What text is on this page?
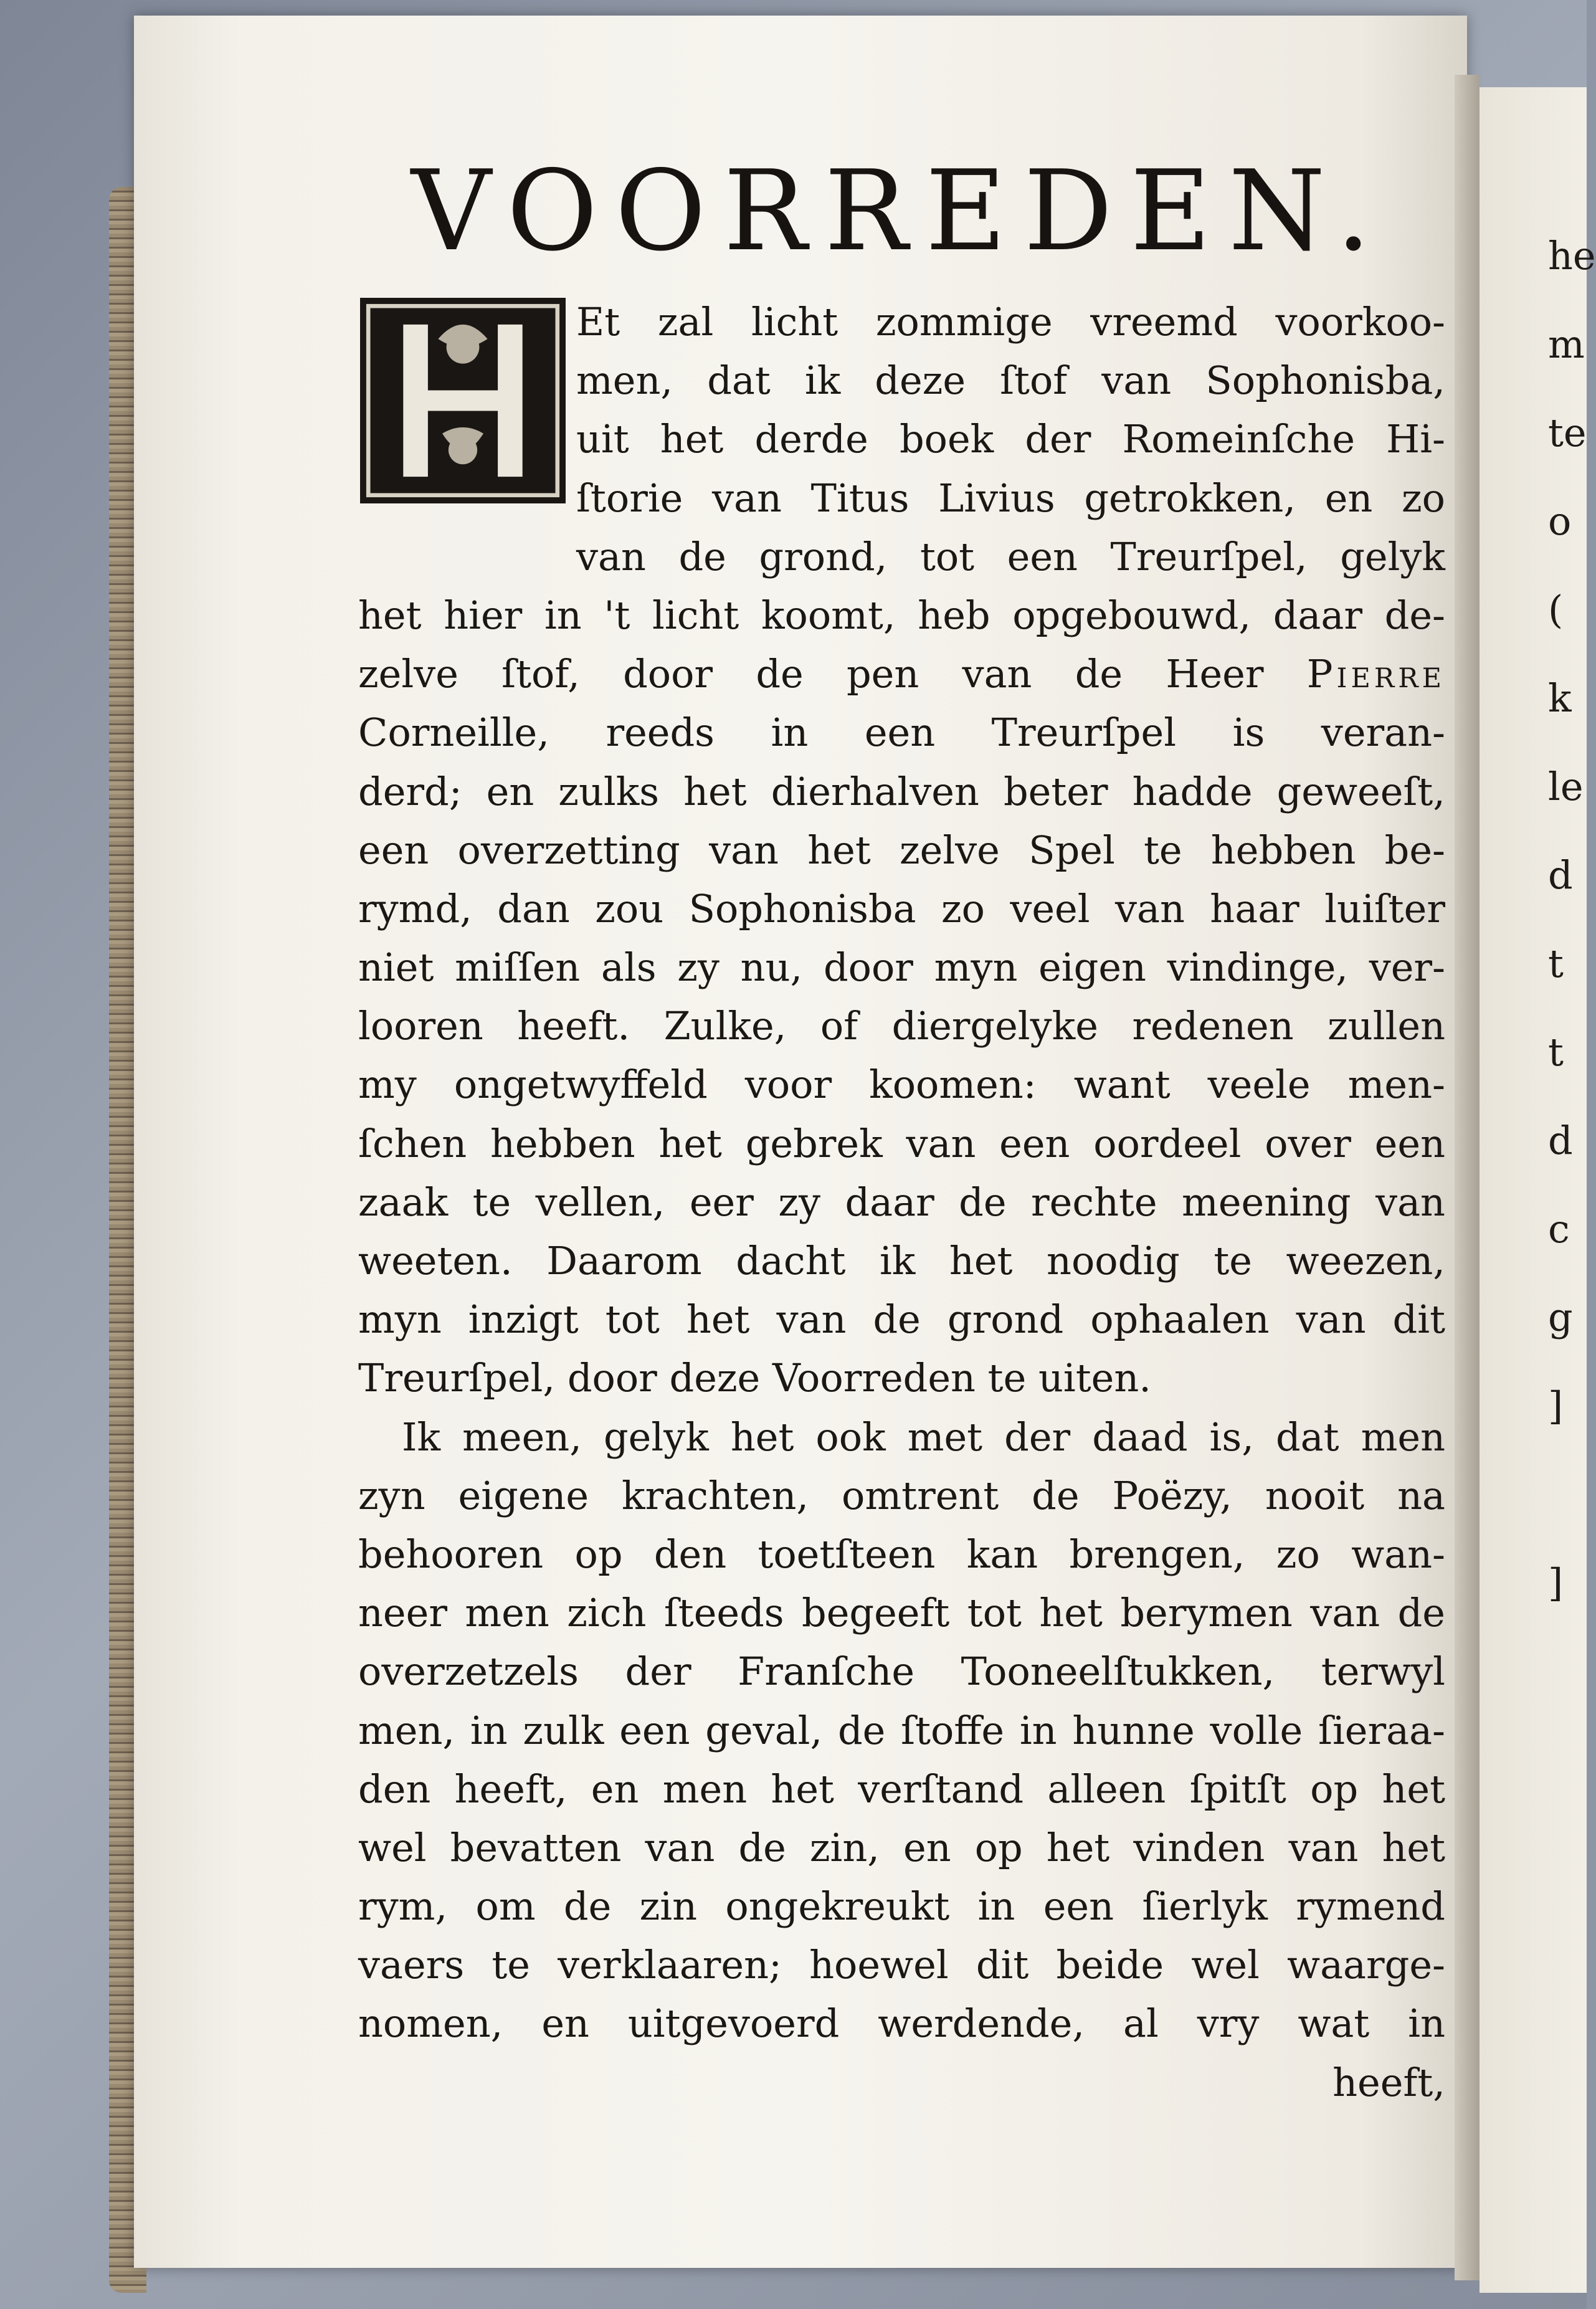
he
m
te
o
(
k
le
d
t
t
d
c
g
]

]
VOORREDEN.
Et zal licht zommige vreemd voorkoo-
men, dat ik deze ſtof van Sophonisba,
uit het derde boek der Romeinſche Hi-
ſtorie van Titus Livius getrokken, en zo
van de grond, tot een Treurſpel, gelyk
het hier in 't licht koomt, heb opgebouwd, daar de-
zelve ſtof, door de pen van de Heer Pierre
Corneille, reeds in een Treurſpel is veran-
derd; en zulks het dierhalven beter hadde geweeſt,
een overzetting van het zelve Spel te hebben be-
rymd, dan zou Sophonisba zo veel van haar luiſter
niet miſſen als zy nu, door myn eigen vindinge, ver-
looren heeft. Zulke, of diergelyke redenen zullen
my ongetwyffeld voor koomen: want veele men-
ſchen hebben het gebrek van een oordeel over een
zaak te vellen, eer zy daar de rechte meening van
weeten. Daarom dacht ik het noodig te weezen,
myn inzigt tot het van de grond ophaalen van dit
Treurſpel, door deze Voorreden te uiten.
Ik meen, gelyk het ook met der daad is, dat men
zyn eigene krachten, omtrent de Poëzy, nooit na
behooren op den toetſteen kan brengen, zo wan-
neer men zich ſteeds begeeft tot het berymen van de
overzetzels der Franſche Tooneelſtukken, terwyl
men, in zulk een geval, de ſtoffe in hunne volle ſieraa-
den heeft, en men het verſtand alleen ſpitſt op het
wel bevatten van de zin, en op het vinden van het
rym, om de zin ongekreukt in een ſierlyk rymend
vaers te verklaaren; hoewel dit beide wel waarge-
nomen, en uitgevoerd werdende, al vry wat in
heeft,
